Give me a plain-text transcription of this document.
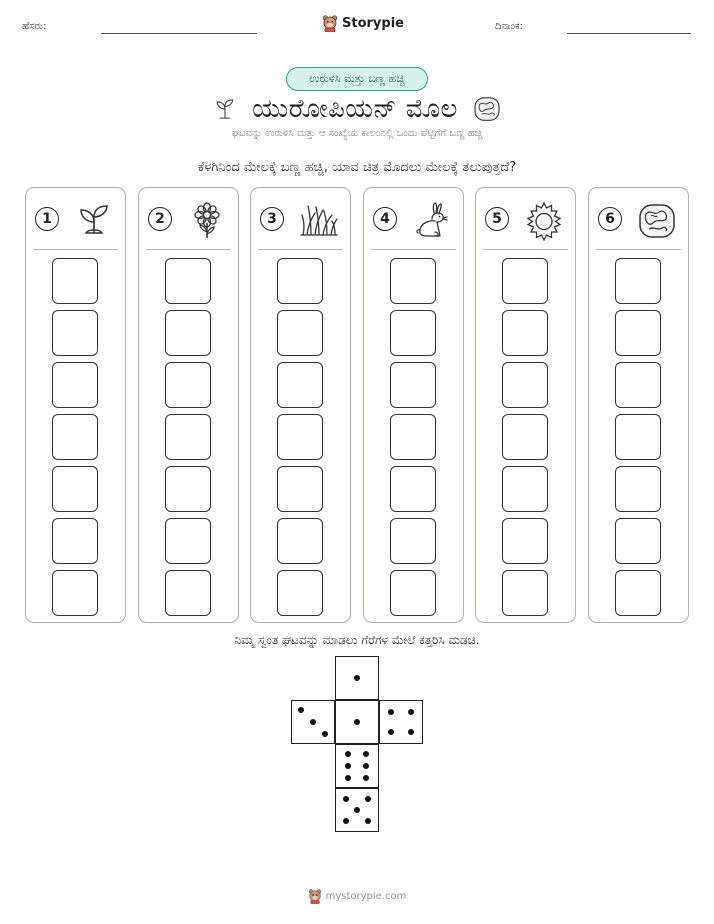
ಹೆಸರು:	Storypie	ದಿನಾಂಕ:
ಉರುಳಿಸಿ ಮತ್ತು ಬಣ್ಣ ಹಚ್ಚಿ
ಯುರೋಪಿಯನ್ ಮೊಲ
ಘಟವನ್ನು ಉರುಳಿಸಿ ಮತ್ತು ಆ ಸಂಖ್ಯೆಯ ಕಾಲಂನಲ್ಲಿ ಒಂದು ಪೆಟ್ಟಿಗೆಗೆ ಬಣ್ಣ ಹಚ್ಚಿ
ಕೆಳಗಿನಿಂದ ಮೇಲಕ್ಕೆ ಬಣ್ಣ ಹಚ್ಚಿ, ಯಾವ ಚಿತ್ರ ಮೊದಲು ಮೇಲಕ್ಕೆ ತಲುಪುತ್ತದೆ?
1	2	3	4	5	6
ನಿಮ್ಮ ಸ್ವಂತ ಘಟವನ್ನು ಮಾಡಲು ಗೆರೆಗಳ ಮೇಲೆ ಕತ್ತರಿಸಿ ಮಡಚಿ.
mystorypie.com
